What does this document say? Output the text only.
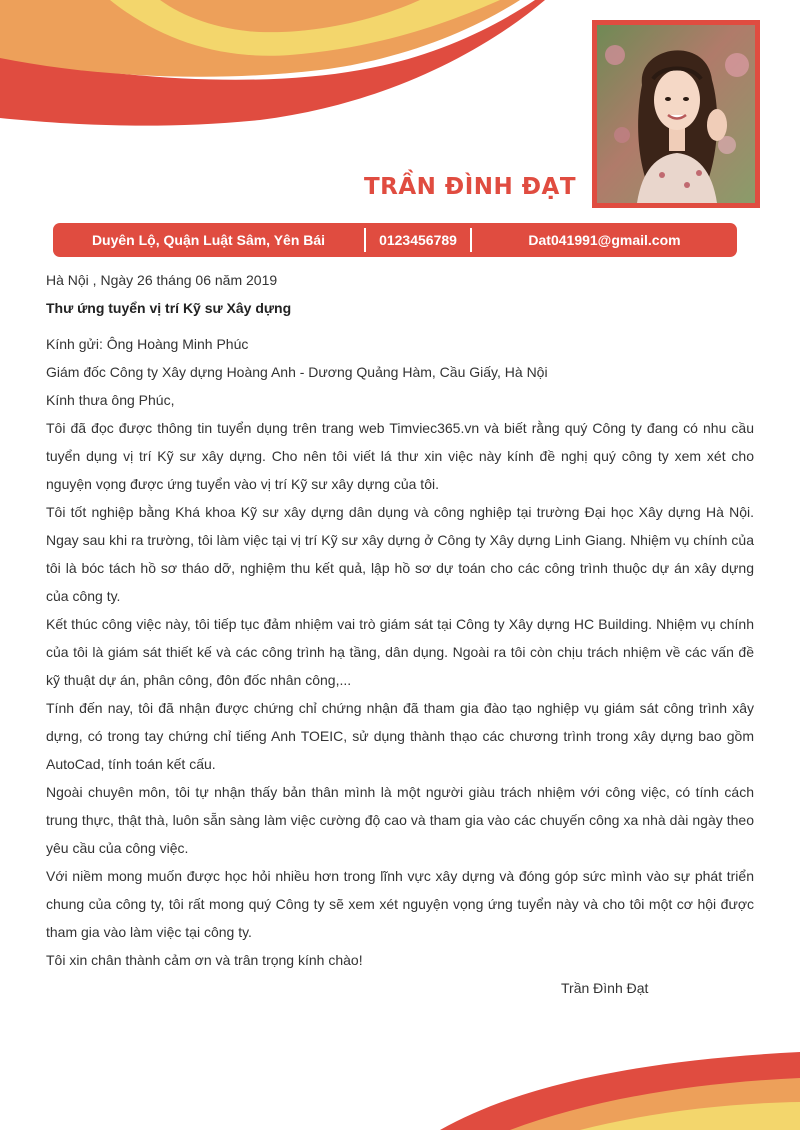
TRẦN ĐÌNH ĐẠT
Duyên Lộ, Quận Luật Sâm, Yên Bái	0123456789	Dat041991@gmail.com

Hà Nội , Ngày 26 tháng 06 năm 2019

Thư ứng tuyển vị trí Kỹ sư Xây dựng

Kính gửi: Ông Hoàng Minh Phúc

Giám đốc Công ty Xây dựng Hoàng Anh - Dương Quảng Hàm, Cầu Giấy, Hà Nội

Kính thưa ông Phúc,

Tôi đã đọc được thông tin tuyển dụng trên trang web Timviec365.vn và biết rằng quý Công ty đang có nhu cầu tuyển dụng vị trí Kỹ sư xây dựng. Cho nên tôi viết lá thư xin việc này kính đề nghị quý công ty xem xét cho nguyện vọng được ứng tuyển vào vị trí Kỹ sư xây dựng của tôi.

Tôi tốt nghiệp bằng Khá khoa Kỹ sư xây dựng dân dụng và công nghiệp tại trường Đại học Xây dựng Hà Nội. Ngay sau khi ra trường, tôi làm việc tại vị trí Kỹ sư xây dựng ở Công ty Xây dựng Linh Giang. Nhiệm vụ chính của tôi là bóc tách hồ sơ tháo dỡ, nghiệm thu kết quả, lập hồ sơ dự toán cho các công trình thuộc dự án xây dựng của công ty.

Kết thúc công việc này, tôi tiếp tục đảm nhiệm vai trò giám sát tại Công ty Xây dựng HC Building. Nhiệm vụ chính của tôi là giám sát thiết kế và các công trình hạ tầng, dân dụng. Ngoài ra tôi còn chịu trách nhiệm về các vấn đề kỹ thuật dự án, phân công, đôn đốc nhân công,...

Tính đến nay, tôi đã nhận được chứng chỉ chứng nhận đã tham gia đào tạo nghiệp vụ giám sát công trình xây dựng, có trong tay chứng chỉ tiếng Anh TOEIC, sử dụng thành thạo các chương trình trong xây dựng bao gồm AutoCad, tính toán kết cấu.

Ngoài chuyên môn, tôi tự nhận thấy bản thân mình là một người giàu trách nhiệm với công việc, có tính cách trung thực, thật thà, luôn sẵn sàng làm việc cường độ cao và tham gia vào các chuyến công xa nhà dài ngày theo yêu cầu của công việc.

Với niềm mong muốn được học hỏi nhiều hơn trong lĩnh vực xây dựng và đóng góp sức mình vào sự phát triển chung của công ty, tôi rất mong quý Công ty sẽ xem xét nguyện vọng ứng tuyển này và cho tôi một cơ hội được tham gia vào làm việc tại công ty.

Tôi xin chân thành cảm ơn và trân trọng kính chào!

Trần Đình Đạt
